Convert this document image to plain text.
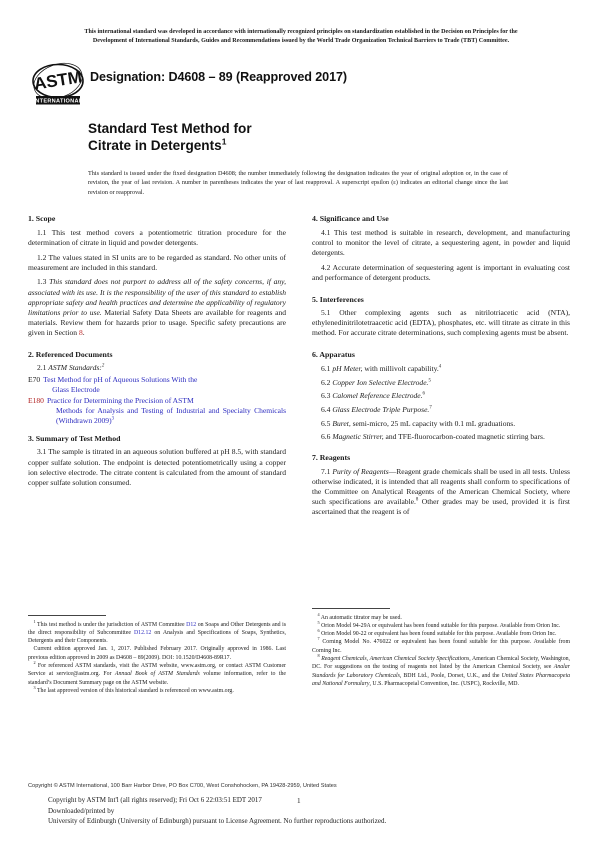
This international standard was developed in accordance with internationally recognized principles on standardization established in the Decision on Principles for the
Development of International Standards, Guides and Recommendations issued by the World Trade Organization Technical Barriers to Trade (TBT) Committee.
ASTM
INTERNATIONAL
Designation: D4608 – 89 (Reapproved 2017)
Standard Test Method for
Citrate in Detergents$^1$
This standard is issued under the fixed designation D4608; the number immediately following the designation indicates the year of original adoption or, in the case of revision, the year of last revision. A number in parentheses indicates the year of last reapproval. A superscript epsilon (ε) indicates an editorial change since the last revision or reapproval.
1. Scope

1.1 This test method covers a potentiometric titration procedure for the determination of citrate in liquid and powder detergents.

1.2 The values stated in SI units are to be regarded as standard. No other units of measurement are included in this standard.

1.3 This standard does not purport to address all of the safety concerns, if any, associated with its use. It is the responsibility of the user of this standard to establish appropriate safety and health practices and determine the applicability of regulatory limitations prior to use. Material Safety Data Sheets are available for reagents and materials. Review them for hazards prior to usage. Specific safety precautions are given in Section 8.

2. Referenced Documents

2.1 ASTM Standards:$^2$

E70 Test Method for pH of Aqueous Solutions With the
Glass Electrode
E180 Practice for Determining the Precision of ASTM
Methods for Analysis and Testing of Industrial and Specialty Chemicals (Withdrawn 2009)$^3$
3. Summary of Test Method

3.1 The sample is titrated in an aqueous solution buffered at pH 8.5, with standard copper sulfate solution. The endpoint is detected potentiometrically using a copper ion selective electrode. The citrate content is calculated from the amount of standard copper sulfate solution consumed.

4. Significance and Use

4.1 This test method is suitable in research, development, and manufacturing control to monitor the level of citrate, a sequestering agent, in powder and liquid detergents.

4.2 Accurate determination of sequestering agent is important in evaluating cost and performance of detergent products.

5. Interferences

5.1 Other complexing agents such as nitrilotriacetic acid (NTA), ethylenedinitrilotetraacetic acid (EDTA), phosphates, etc. will titrate as citrate in this method. For accurate citrate determinations, such complexing agents must be absent.

6. Apparatus

6.1 pH Meter, with millivolt capability.$^4$

6.2 Copper Ion Selective Electrode.$^5$

6.3 Calomel Reference Electrode.$^6$

6.4 Glass Electrode Triple Purpose.$^7$

6.5 Buret, semi-micro, 25 mL capacity with 0.1 mL graduations.

6.6 Magnetic Stirrer, and TFE-fluorocarbon-coated magnetic stirring bars.

7. Reagents

7.1 Purity of Reagents—Reagent grade chemicals shall be used in all tests. Unless otherwise indicated, it is intended that all reagents shall conform to specifications of the Committee on Analytical Reagents of the American Chemical Society, where such specifications are available.$^8$ Other grades may be used, provided it is first ascertained that the reagent is of

$^1$ This test method is under the jurisdiction of ASTM Committee D12 on Soaps and Other Detergents and is the direct responsibility of Subcommittee D12.12 on Analysis and Specifications of Soaps, Synthetics, Detergents and their Components.

Current edition approved Jan. 1, 2017. Published February 2017. Originally approved in 1986. Last previous edition approved in 2009 as D4608 – 89(2009). DOI: 10.1520/D4608-89R17.

$^2$ For referenced ASTM standards, visit the ASTM website, www.astm.org, or contact ASTM Customer Service at service@astm.org. For Annual Book of ASTM Standards volume information, refer to the standard’s Document Summary page on the ASTM website.

$^3$ The last approved version of this historical standard is referenced on www.astm.org.

$^4$ An automatic titrator may be used.

$^5$ Orion Model 94-29A or equivalent has been found suitable for this purpose. Available from Orion Inc.

$^6$ Orion Model 90-22 or equivalent has been found suitable for this purpose. Available from Orion Inc.

$^7$ Corning Model No. 476022 or equivalent has been found suitable for this purpose. Available from Corning Inc.

$^8$ Reagent Chemicals, American Chemical Society Specifications, American Chemical Society, Washington, DC. For suggestions on the testing of reagents not listed by the American Chemical Society, see Analar Standards for Laboratory Chemicals, BDH Ltd., Poole, Dorset, U.K., and the United States Pharmacopeia and National Formulary, U.S. Pharmacopeial Convention, Inc. (USPC), Rockville, MD.

Copyright © ASTM International, 100 Barr Harbor Drive, PO Box C700, West Conshohocken, PA 19428-2959, United States
Copyright by ASTM Int'l (all rights reserved); Fri Oct 6 22:03:51 EDT 2017
Downloaded/printed by
University of Edinburgh (University of Edinburgh) pursuant to License Agreement. No further reproductions authorized.
1
